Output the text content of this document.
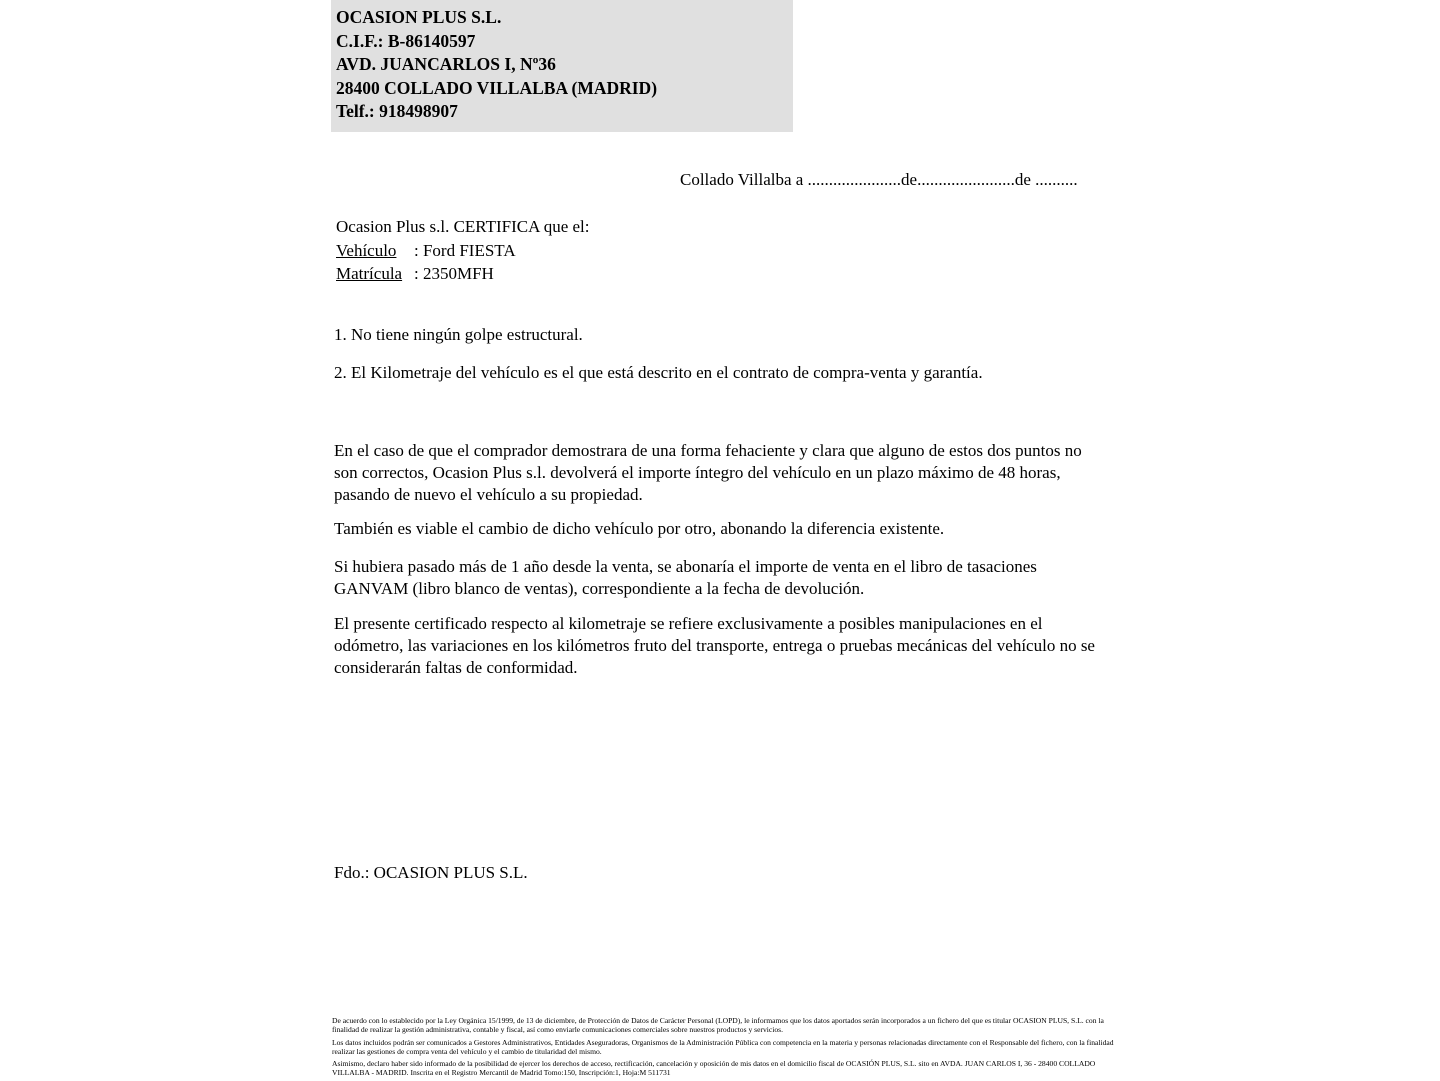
OCASION PLUS S.L.
C.I.F.: B-86140597
AVD. JUANCARLOS I, Nº36
28400 COLLADO VILLALBA (MADRID)
Telf.: 918498907
Collado Villalba a ......................de.......................de ..........
Ocasion Plus s.l. CERTIFICA que el:
Vehículo : Ford FIESTA
Matrícula : 2350MFH
1. No tiene ningún golpe estructural.
2. El Kilometraje del vehículo es el que está descrito en el contrato de compra-venta y garantía.
En el caso de que el comprador demostrara de una forma fehaciente y clara que alguno de estos dos puntos no son correctos, Ocasion Plus s.l. devolverá el importe íntegro del vehículo en un plazo máximo de 48 horas, pasando de nuevo el vehículo a su propiedad.
También es viable el cambio de dicho vehículo por otro, abonando la diferencia existente.
Si hubiera pasado más de 1 año desde la venta, se abonaría el importe de venta en el libro de tasaciones GANVAM (libro blanco de ventas), correspondiente a la fecha de devolución.
El presente certificado respecto al kilometraje se refiere exclusivamente a posibles manipulaciones en el odómetro, las variaciones en los kilómetros fruto del transporte, entrega o pruebas mecánicas del vehículo no se considerarán faltas de conformidad.
Fdo.: OCASION PLUS S.L.

De acuerdo con lo establecido por la Ley Orgánica 15/1999, de 13 de diciembre, de Protección de Datos de Carácter Personal (LOPD), le informamos que los datos aportados serán incorporados a un fichero del que es titular OCASION PLUS, S.L. con la finalidad de realizar la gestión administrativa, contable y fiscal, así como enviarle comunicaciones comerciales sobre nuestros productos y servicios.

Los datos incluidos podrán ser comunicados a Gestores Administrativos, Entidades Aseguradoras, Organismos de la Administración Pública con competencia en la materia y personas relacionadas directamente con el Responsable del fichero, con la finalidad realizar las gestiones de compra venta del vehículo y el cambio de titularidad del mismo.

Asimismo, declaro haber sido informado de la posibilidad de ejercer los derechos de acceso, rectificación, cancelación y oposición de mis datos en el domicilio fiscal de OCASIÓN PLUS, S.L. sito en AVDA. JUAN CARLOS I, 36 - 28400 COLLADO VILLALBA - MADRID. Inscrita en el Registro Mercantil de Madrid Tomo:150, Inscripción:1, Hoja:M 511731
